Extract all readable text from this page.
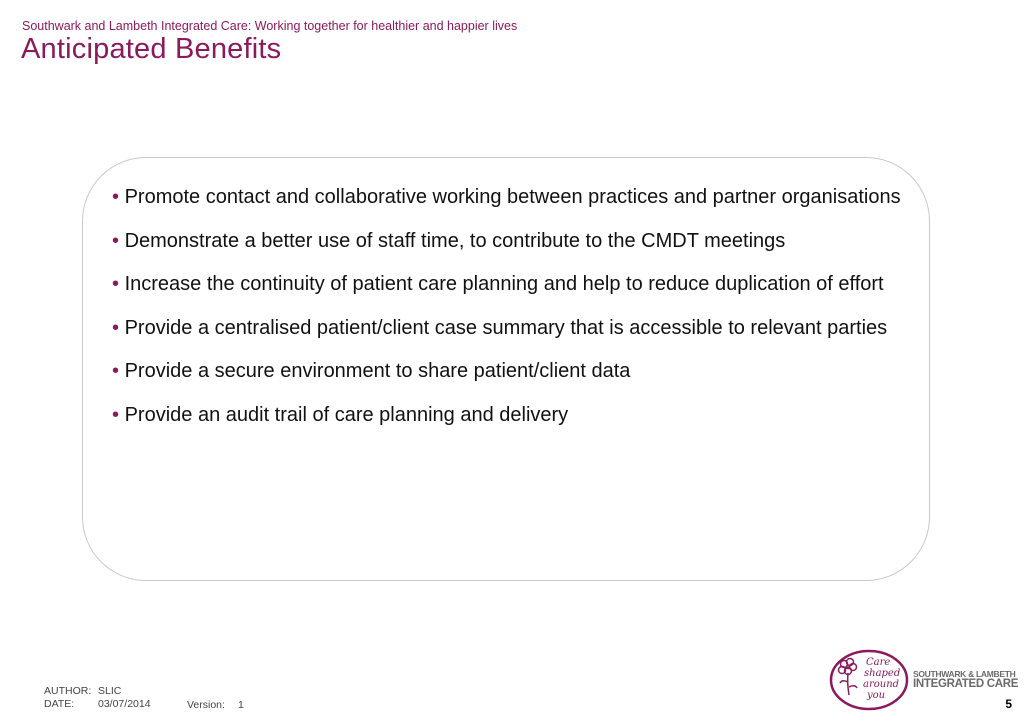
Southwark and Lambeth Integrated Care: Working together for healthier and happier lives
Anticipated Benefits
• Promote contact and collaborative working between practices and partner organisations
• Demonstrate a better use of staff time, to contribute to the CMDT meetings
• Increase the continuity of patient care planning and help to reduce duplication of effort
• Provide a centralised patient/client case summary that is accessible to relevant parties
• Provide a secure environment to share patient/client data
• Provide an audit trail of care planning and delivery
AUTHOR: SLIC
DATE: 03/07/2014	Version: 1	5
Care
shaped
around
you
SOUTHWARK & LAMBETH
INTEGRATED CARE
